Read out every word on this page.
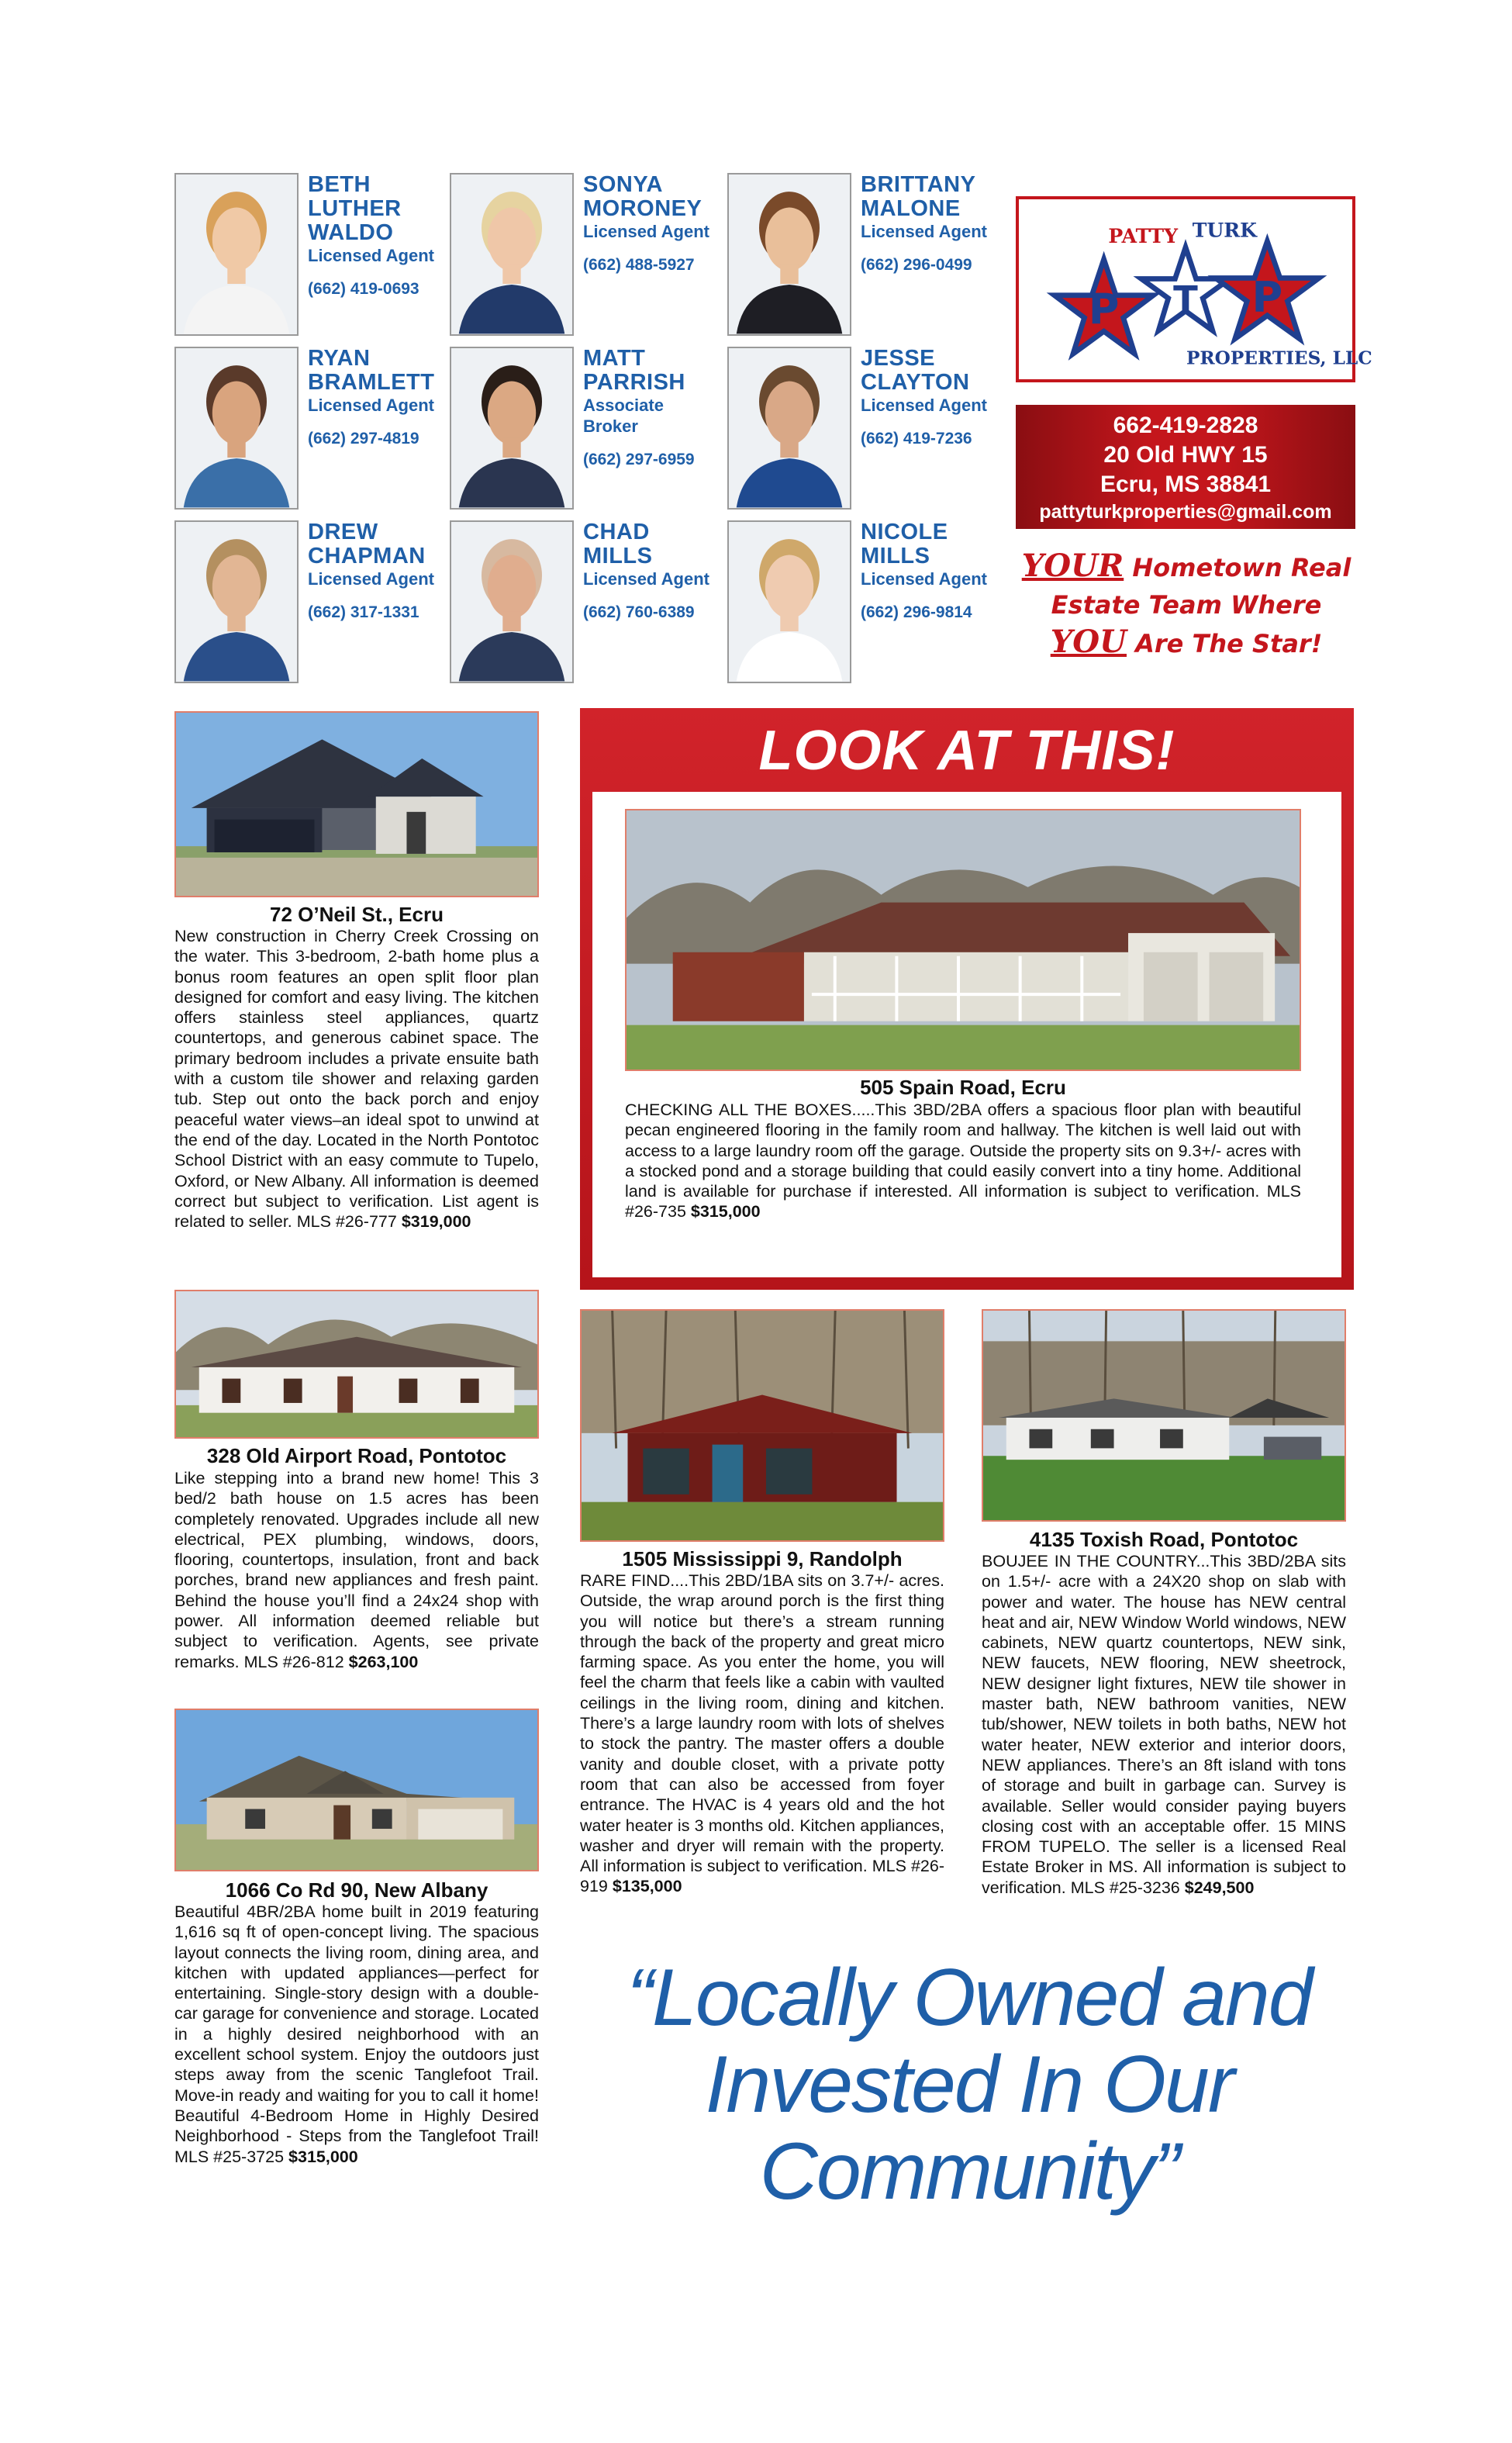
BETH LUTHER WALDO
Licensed Agent
(662) 419-0693
SONYA MORONEY
Licensed Agent
(662) 488-5927
BRITTANY MALONE
Licensed Agent
(662) 296-0499
RYAN BRAMLETT
Licensed Agent
(662) 297-4819
MATT PARRISH
Associate Broker
(662) 297-6959
JESSE CLAYTON
Licensed Agent
(662) 419-7236
DREW CHAPMAN
Licensed Agent
(662) 317-1331
CHAD MILLS
Licensed Agent
(662) 760-6389
NICOLE MILLS
Licensed Agent
(662) 296-9814
P T P
PATTY TURK
PROPERTIES, LLC
662-419-2828
20 Old HWY 15
Ecru, MS 38841
pattyturkproperties@gmail.com
YOUR Hometown Real
Estate Team Where
YOU Are The Star!
72 O’Neil St., Ecru
New construction in Cherry Creek Crossing on the water. This 3-bedroom, 2-bath home plus a bonus room features an open split floor plan designed for comfort and easy living. The kitchen offers stainless steel appliances, quartz countertops, and generous cabinet space. The primary bedroom includes a private ensuite bath with a custom tile shower and relaxing garden tub. Step out onto the back porch and enjoy peaceful water views–an ideal spot to unwind at the end of the day. Located in the North Pontotoc School District with an easy commute to Tupelo, Oxford, or New Albany. All information is deemed correct but subject to verification. List agent is related to seller. MLS #26-777 $319,000
LOOK AT THIS!
505 Spain Road, Ecru
CHECKING ALL THE BOXES.....This 3BD/2BA offers a spacious floor plan with beautiful pecan engineered flooring in the family room and hallway. The kitchen is well laid out with access to a large laundry room off the garage. Outside the property sits on 9.3+/- acres with a stocked pond and a storage building that could easily convert into a tiny home. Additional land is available for purchase if interested. All information is subject to verification. MLS #26-735 $315,000
328 Old Airport Road, Pontotoc
Like stepping into a brand new home! This 3 bed/2 bath house on 1.5 acres has been completely renovated. Upgrades include all new electrical, PEX plumbing, windows, doors, flooring, countertops, insulation, front and back porches, brand new appliances and fresh paint. Behind the house you’ll find a 24x24 shop with power. All information deemed reliable but subject to verification. Agents, see private remarks. MLS #26-812 $263,100
1505 Mississippi 9, Randolph
RARE FIND....This 2BD/1BA sits on 3.7+/- acres. Outside, the wrap around porch is the first thing you will notice but there’s a stream running through the back of the property and great micro farming space. As you enter the home, you will feel the charm that feels like a cabin with vaulted ceilings in the living room, dining and kitchen. There’s a large laundry room with lots of shelves to stock the pantry. The master offers a double vanity and double closet, with a private potty room that can also be accessed from foyer entrance. The HVAC is 4 years old and the hot water heater is 3 months old. Kitchen appliances, washer and dryer will remain with the property. All information is subject to verification. MLS #26-919 $135,000
4135 Toxish Road, Pontotoc
BOUJEE IN THE COUNTRY...This 3BD/2BA sits on 1.5+/- acre with a 24X20 shop on slab with power and water. The house has NEW central heat and air, NEW Window World windows, NEW cabinets, NEW quartz countertops, NEW sink, NEW faucets, NEW flooring, NEW sheetrock, NEW designer light fixtures, NEW tile shower in master bath, NEW bathroom vanities, NEW tub/shower, NEW toilets in both baths, NEW hot water heater, NEW exterior and interior doors, NEW appliances. There’s an 8ft island with tons of storage and built in garbage can. Survey is available. Seller would consider paying buyers closing cost with an acceptable offer. 15 MINS FROM TUPELO. The seller is a licensed Real Estate Broker in MS. All information is subject to verification. MLS #25-3236 $249,500
1066 Co Rd 90, New Albany
Beautiful 4BR/2BA home built in 2019 featuring 1,616 sq ft of open-concept living. The spacious layout connects the living room, dining area, and kitchen with updated appliances—perfect for entertaining. Single-story design with a double-car garage for convenience and storage. Located in a highly desired neighborhood with an excellent school system. Enjoy the outdoors just steps away from the scenic Tanglefoot Trail. Move-in ready and waiting for you to call it home! Beautiful 4-Bedroom Home in Highly Desired Neighborhood - Steps from the Tanglefoot Trail! MLS #25-3725 $315,000
“Locally Owned and Invested In Our Community”
